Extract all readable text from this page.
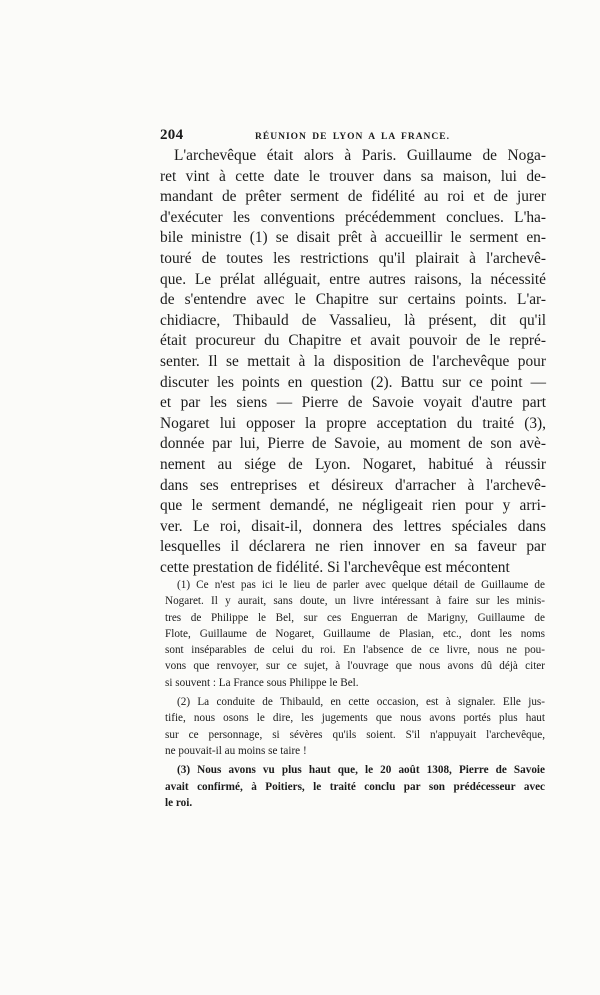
204	RÉUNION DE LYON A LA FRANCE.
L'archevêque était alors à Paris. Guillaume de Noga-
ret vint à cette date le trouver dans sa maison, lui de-
mandant de prêter serment de fidélité au roi et de jurer
d'exécuter les conventions précédemment conclues. L'ha-
bile ministre (1) se disait prêt à accueillir le serment en-
touré de toutes les restrictions qu'il plairait à l'archevê-
que. Le prélat alléguait, entre autres raisons, la nécessité
de s'entendre avec le Chapitre sur certains points. L'ar-
chidiacre, Thibauld de Vassalieu, là présent, dit qu'il
était procureur du Chapitre et avait pouvoir de le repré-
senter. Il se mettait à la disposition de l'archevêque pour
discuter les points en question (2). Battu sur ce point —
et par les siens — Pierre de Savoie voyait d'autre part
Nogaret lui opposer la propre acceptation du traité (3),
donnée par lui, Pierre de Savoie, au moment de son avè-
nement au siége de Lyon. Nogaret, habitué à réussir
dans ses entreprises et désireux d'arracher à l'archevê-
que le serment demandé, ne négligeait rien pour y arri-
ver. Le roi, disait-il, donnera des lettres spéciales dans
lesquelles il déclarera ne rien innover en sa faveur par
cette prestation de fidélité. Si l'archevêque est mécontent
(1) Ce n'est pas ici le lieu de parler avec quelque détail de Guillaume de
Nogaret. Il y aurait, sans doute, un livre intéressant à faire sur les minis-
tres de Philippe le Bel, sur ces Enguerran de Marigny, Guillaume de
Flote, Guillaume de Nogaret, Guillaume de Plasian, etc., dont les noms
sont inséparables de celui du roi. En l'absence de ce livre, nous ne pou-
vons que renvoyer, sur ce sujet, à l'ouvrage que nous avons dû déjà citer
si souvent : La France sous Philippe le Bel.
(2) La conduite de Thibauld, en cette occasion, est à signaler. Elle jus-
tifie, nous osons le dire, les jugements que nous avons portés plus haut
sur ce personnage, si sévères qu'ils soient. S'il n'appuyait l'archevêque,
ne pouvait-il au moins se taire !
(3) Nous avons vu plus haut que, le 20 août 1308, Pierre de Savoie
avait confirmé, à Poitiers, le traité conclu par son prédécesseur avec
le roi.
